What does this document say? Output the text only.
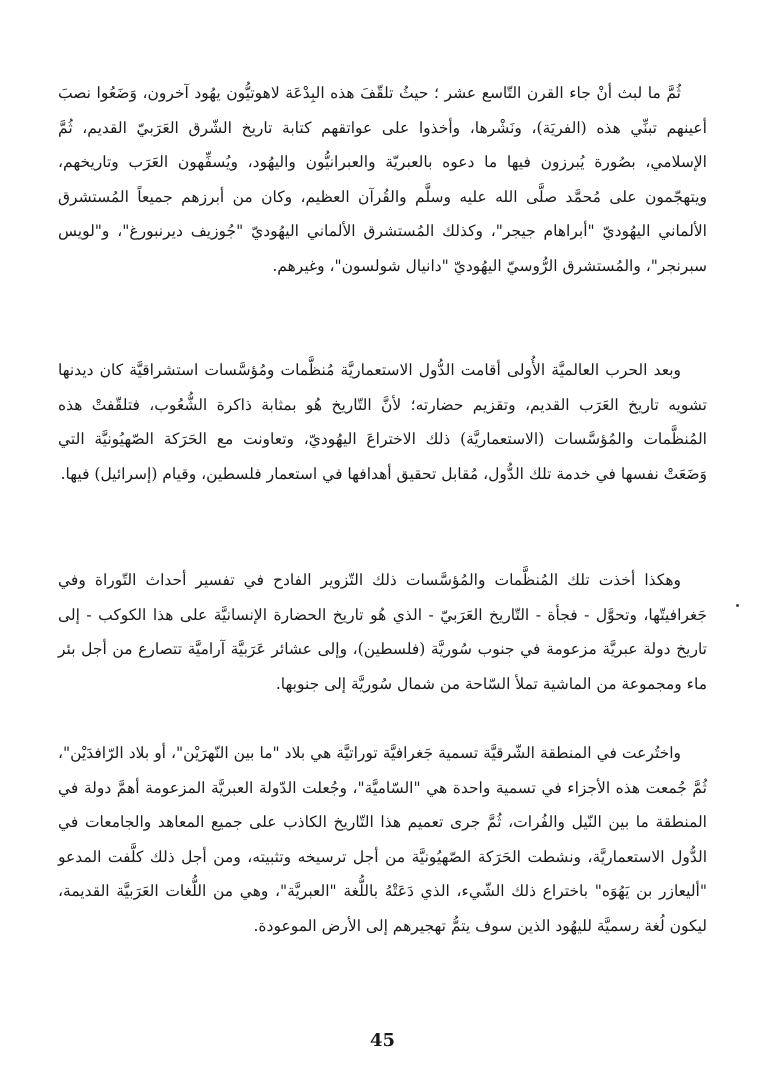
ثُمَّ ما لبث أنْ جاء القرن التّاسع عشر ؛ حيثُ تلقّفَ هذه البِدْعَة لاهوتيُّون يهُود آخرون، وَضَعُوا نصبَ أعينهم تبنِّي هذه (الفريَة)، ونَشْرها، وأخذوا على عواتقهم كتابة تاريخ الشّرق العَرَبيّ القديم، ثُمَّ الإسلامي، بصُورة يُبرزون فيها ما دعوه بالعبريّة والعبرانيُّون واليهُود، ويُسفِّهون العَرَب وتاريخهم، ويتهجّمون على مُحمَّد صلَّى الله عليه وسلَّم والقُرآن العظيم، وكان من أبرزهم جميعاً المُستشرق الألماني اليهُوديّ "أبراهام جيجر"، وكذلك المُستشرق الألماني اليهُوديّ "جُوزيف ديرنبورغ"، و"لويس سبرنجر"، والمُستشرق الرُّوسيّ اليهُوديّ "دانيال شولسون"، وغيرهم.

وبعد الحرب العالميَّة الأُولى أقامت الدُّول الاستعماريَّة مُنظَّمات ومُؤسَّسات استشراقيَّة كان ديدنها تشويه تاريخ العَرَب القديم، وتقزيم حضارته؛ لأنَّ التّاريخ هُو بمثابة ذاكرة الشُّعُوب، فتلقّفتْ هذه المُنظَّمات والمُؤسَّسات (الاستعماريَّة) ذلك الاختراعَ اليهُوديّ، وتعاونت مع الحَرَكة الصّهيُونيَّة التي وَضَعَتْ نفسها في خدمة تلك الدُّول، مُقابل تحقيق أهدافها في استعمار فلسطين، وقيام (إسرائيل) فيها.

وهكذا أخذت تلك المُنظَّمات والمُؤسَّسات ذلك التّزوير الفادح في تفسير أحداث التّوراة وفي جَغرافيتّها، وتحوَّل - فجأة - التّاريخ العَرَبيّ - الذي هُو تاريخ الحضارة الإنسانيَّة على هذا الكوكب - إلى تاريخ دولة عبريَّة مزعومة في جنوب سُوريَّة (فلسطين)، وإلى عشائر عَرَبيَّة آراميَّة تتصارع من أجل بئر ماء ومجموعة من الماشية تملأ السّاحة من شمال سُوريَّة إلى جنوبها.

واختُرعت في المنطقة الشّرقيَّة تسمية جَغرافيَّة توراتيَّة هي بلاد "ما بين النّهرَيْن"، أو بلاد الرّافدَيْن"، ثُمَّ جُمعت هذه الأجزاء في تسمية واحدة هي "السّاميَّة"، وجُعلت الدّولة العبريَّة المزعومة أهمَّ دولة في المنطقة ما بين النّيل والفُرات، ثُمَّ جرى تعميم هذا التّاريخ الكاذب على جميع المعاهد والجامعات في الدُّول الاستعماريَّة، ونشطت الحَرَكة الصّهيُونيَّة من أجل ترسيخه وتثبيته، ومن أجل ذلك كلَّفت المدعو "أليعازر بن يَهُوَه" باختراع ذلك الشّيء، الذي دَعَتْهُ باللُّغة "العبريَّة"، وهي من اللُّغات العَرَبيَّة القديمة، ليكون لُغة رسميَّة لليهُود الذين سوف يتمُّ تهجيرهم إلى الأرض الموعودة.

45
